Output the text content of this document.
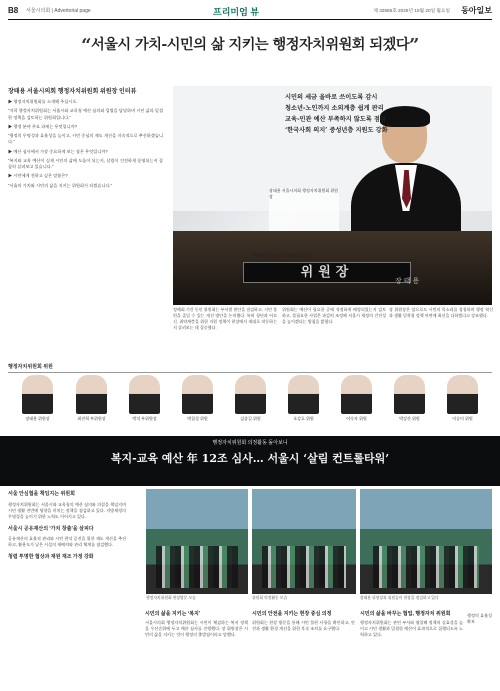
B8 서울시의회 | Advertorial page	프리미엄 뷰	제 32985호 2025년 10월 20일 월요일 동아일보
“서울시 가치-시민의 삶 지키는 행정자치위원회 되겠다”
장태용 서울시의회 행정자치위원회 위원장 인터뷰

▶ 행정자치위원회를 소개해 주십시오.

“저희 행정자치위원회는 서울시와 교육청 예산 심의와 입법을 담당하며 시민 삶과 밀접한 정책을 검토하는 위원회입니다.”

▶ 행정 분야 주요 과제는 무엇입니까?

“행정의 투명성과 효율성을 높이고, 시민 중심의 제도 개선을 지속적으로 추진하겠습니다.”

▶ 예산 심사에서 가장 중요하게 보는 점은 무엇입니까?

“복지와 교육 예산이 실제 시민의 삶에 도움이 되는지, 살림이 건전하게 운영되는지 꼼꼼히 살펴보고 있습니다.”

▶ 시민에게 전하고 싶은 말씀은?

“서울의 가치와 시민의 삶을 지키는 위원회가 되겠습니다.”

장태용 서울시의회 행정자치위원회 위원장
정례회 행정자치위원회 회의장
위원장
장태용
시민의 세금 올바로 쓰이도록 감시
청소년-노인까지 소외계층 쉽게 판리
교육-민관 예산 부족하지 않도록 점검
‘한국사회 의지’ 중성년층 지원도 강화
정례회 기간 동안 위원회는 부서별 현안을 점검하고, 시민 불편을 줄일 수 있는 개선 방안을 논의했다. 특히 청년과 어르신, 취약계층을 위한 지원 정책이 현장에서 제대로 작동하는지 살펴보는 데 집중했다.
위원회는 예산이 필요한 곳에 적정하게 배정되었는지 검토하고, 불필요한 사업은 과감히 조정해 서울시 재정의 건전성을 높이겠다는 방침을 밝혔다.
장 위원장은 앞으로도 시민의 목소리를 경청하며 행정 혁신과 생활 밀착형 정책 마련에 최선을 다하겠다고 강조했다.
행정자치위원회 위원
장태용 위원장	최진혁 부위원장	박석 부위원장	박칠성 위원	김종길 위원	오강호 위원	이숙자 위원	박강산 위원	이승미 위원
행정자치위원회 의정활동 돌아보니
복지-교육 예산 年 12조 심사… 서울시 ‘살림 컨트롤타워’
서울 안심협을 책임지는 위원회

행정자치위원회는 서울시와 교육청의 예산 심의와 의결을 책임지며 시민 생활 전반에 영향을 미치는 정책을 점검하고 있다. 지방재정의 투명성을 높이기 위한 노력도 이어지고 있다.

서울시 공유재산의 ‘가치 창출’을 살피다

공유재산의 효율적 관리와 시민 편익 증진을 위한 제도 개선을 추진하고, 활용도가 낮은 시설의 재배치와 관리 체계를 점검했다.

청렴 투명한 협상과 재원 재조 가정 강화
행정자치위원회 현장방문 모습	위원회 의정활동 모습	장태용 위원장과 위원들이 현장을 점검하고 있다
시민의 삶을 지키는 ‘복지’
서울시의회 행정자치위원회는 시민이 체감하는 복지 정책을 우선순위에 두고 예산 심사를 진행했다. 장 위원장은 시민의 삶을 지키는 것이 행정의 출발점이라고 말했다.
시민의 안전을 지키는 현장 중심 의정
위원회는 현장 방문을 통해 시민 불편 사항을 확인하고, 안전과 생활 환경 개선을 위한 후속 조치를 요구했다.
시민의 삶을 바꾸는 협업, 행정자치 위원회
행정자치위원회는 관련 부서와 협업해 정책의 실효성을 높이고 시민 생활과 밀접한 예산이 효과적으로 집행되도록 노력하고 있다.
행정의 효율성 확보
